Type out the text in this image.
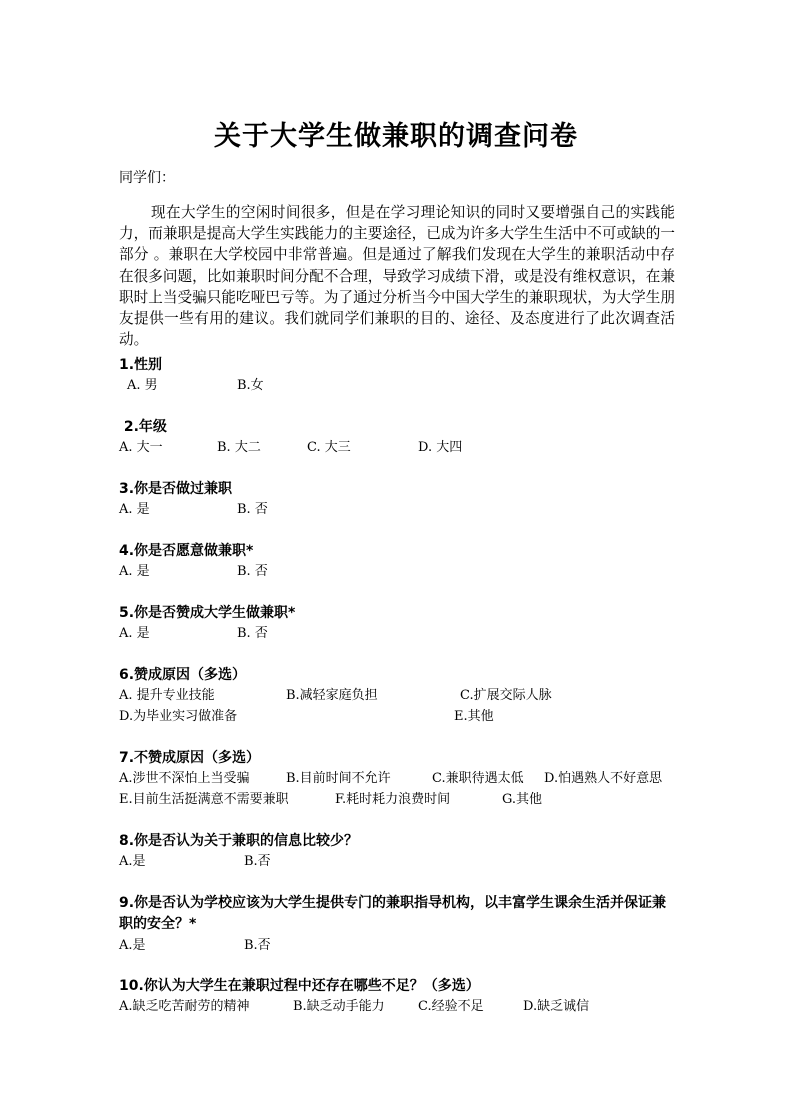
关于大学生做兼职的调查问卷
同学们：
现在大学生的空闲时间很多，但是在学习理论知识的同时又要增强自己的实践能力，而兼职是提高大学生实践能力的主要途径，已成为许多大学生生活中不可或缺的一部分 。兼职在大学校园中非常普遍。但是通过了解我们发现在大学生的兼职活动中存在很多问题，比如兼职时间分配不合理，导致学习成绩下滑，或是没有维权意识，在兼职时上当受骗只能吃哑巴亏等。为了通过分析当今中国大学生的兼职现状，为大学生朋友提供一些有用的建议。我们就同学们兼职的目的、途径、及态度进行了此次调查活动。
1.性别
A. 男	B.女
2.年级
A. 大一	B. 大二	C. 大三	D. 大四
3.你是否做过兼职
A. 是	B. 否
4.你是否愿意做兼职*
A. 是	B. 否
5.你是否赞成大学生做兼职*
A. 是	B. 否
6.赞成原因（多选）
A. 提升专业技能	B.减轻家庭负担	C.扩展交际人脉
D.为毕业实习做准备	E.其他
7.不赞成原因（多选）
A.涉世不深怕上当受骗	B.目前时间不允许	C.兼职待遇太低 D.怕遇熟人不好意思
E.目前生活挺满意不需要兼职	F.耗时耗力浪费时间	G.其他
8.你是否认为关于兼职的信息比较少？
A.是	B.否
9.你是否认为学校应该为大学生提供专门的兼职指导机构，以丰富学生课余生活并保证兼职的安全？*
A.是	B.否
10.你认为大学生在兼职过程中还存在哪些不足？（多选）
A.缺乏吃苦耐劳的精神	B.缺乏动手能力	C.经验不足	D.缺乏诚信
